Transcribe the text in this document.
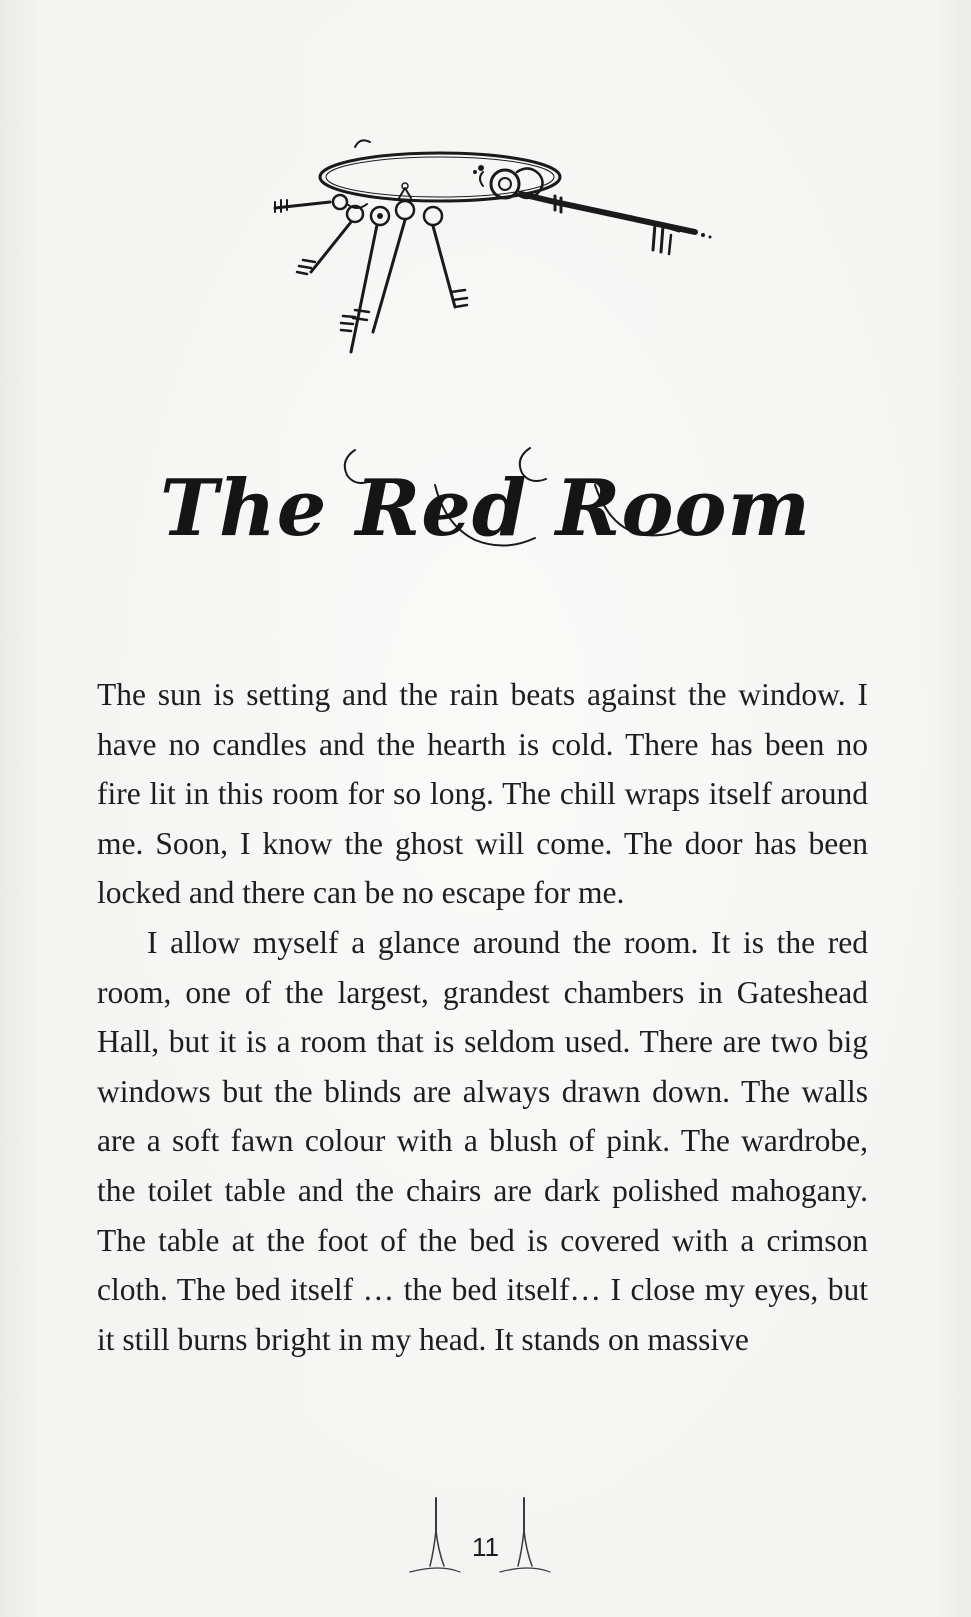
The Red Room

The sun is setting and the rain beats against the window. I have no candles and the hearth is cold. There has been no fire lit in this room for so long. The chill wraps itself around me. Soon, I know the ghost will come. The door has been locked and there can be no escape for me.

I allow myself a glance around the room. It is the red room, one of the largest, grandest chambers in Gateshead Hall, but it is a room that is seldom used. There are two big windows but the blinds are always drawn down. The walls are a soft fawn colour with a blush of pink. The wardrobe, the toilet table and the chairs are dark polished mahogany. The table at the foot of the bed is covered with a crimson cloth. The bed itself … the bed itself… I close my eyes, but it still burns bright in my head. It stands on massive

11
